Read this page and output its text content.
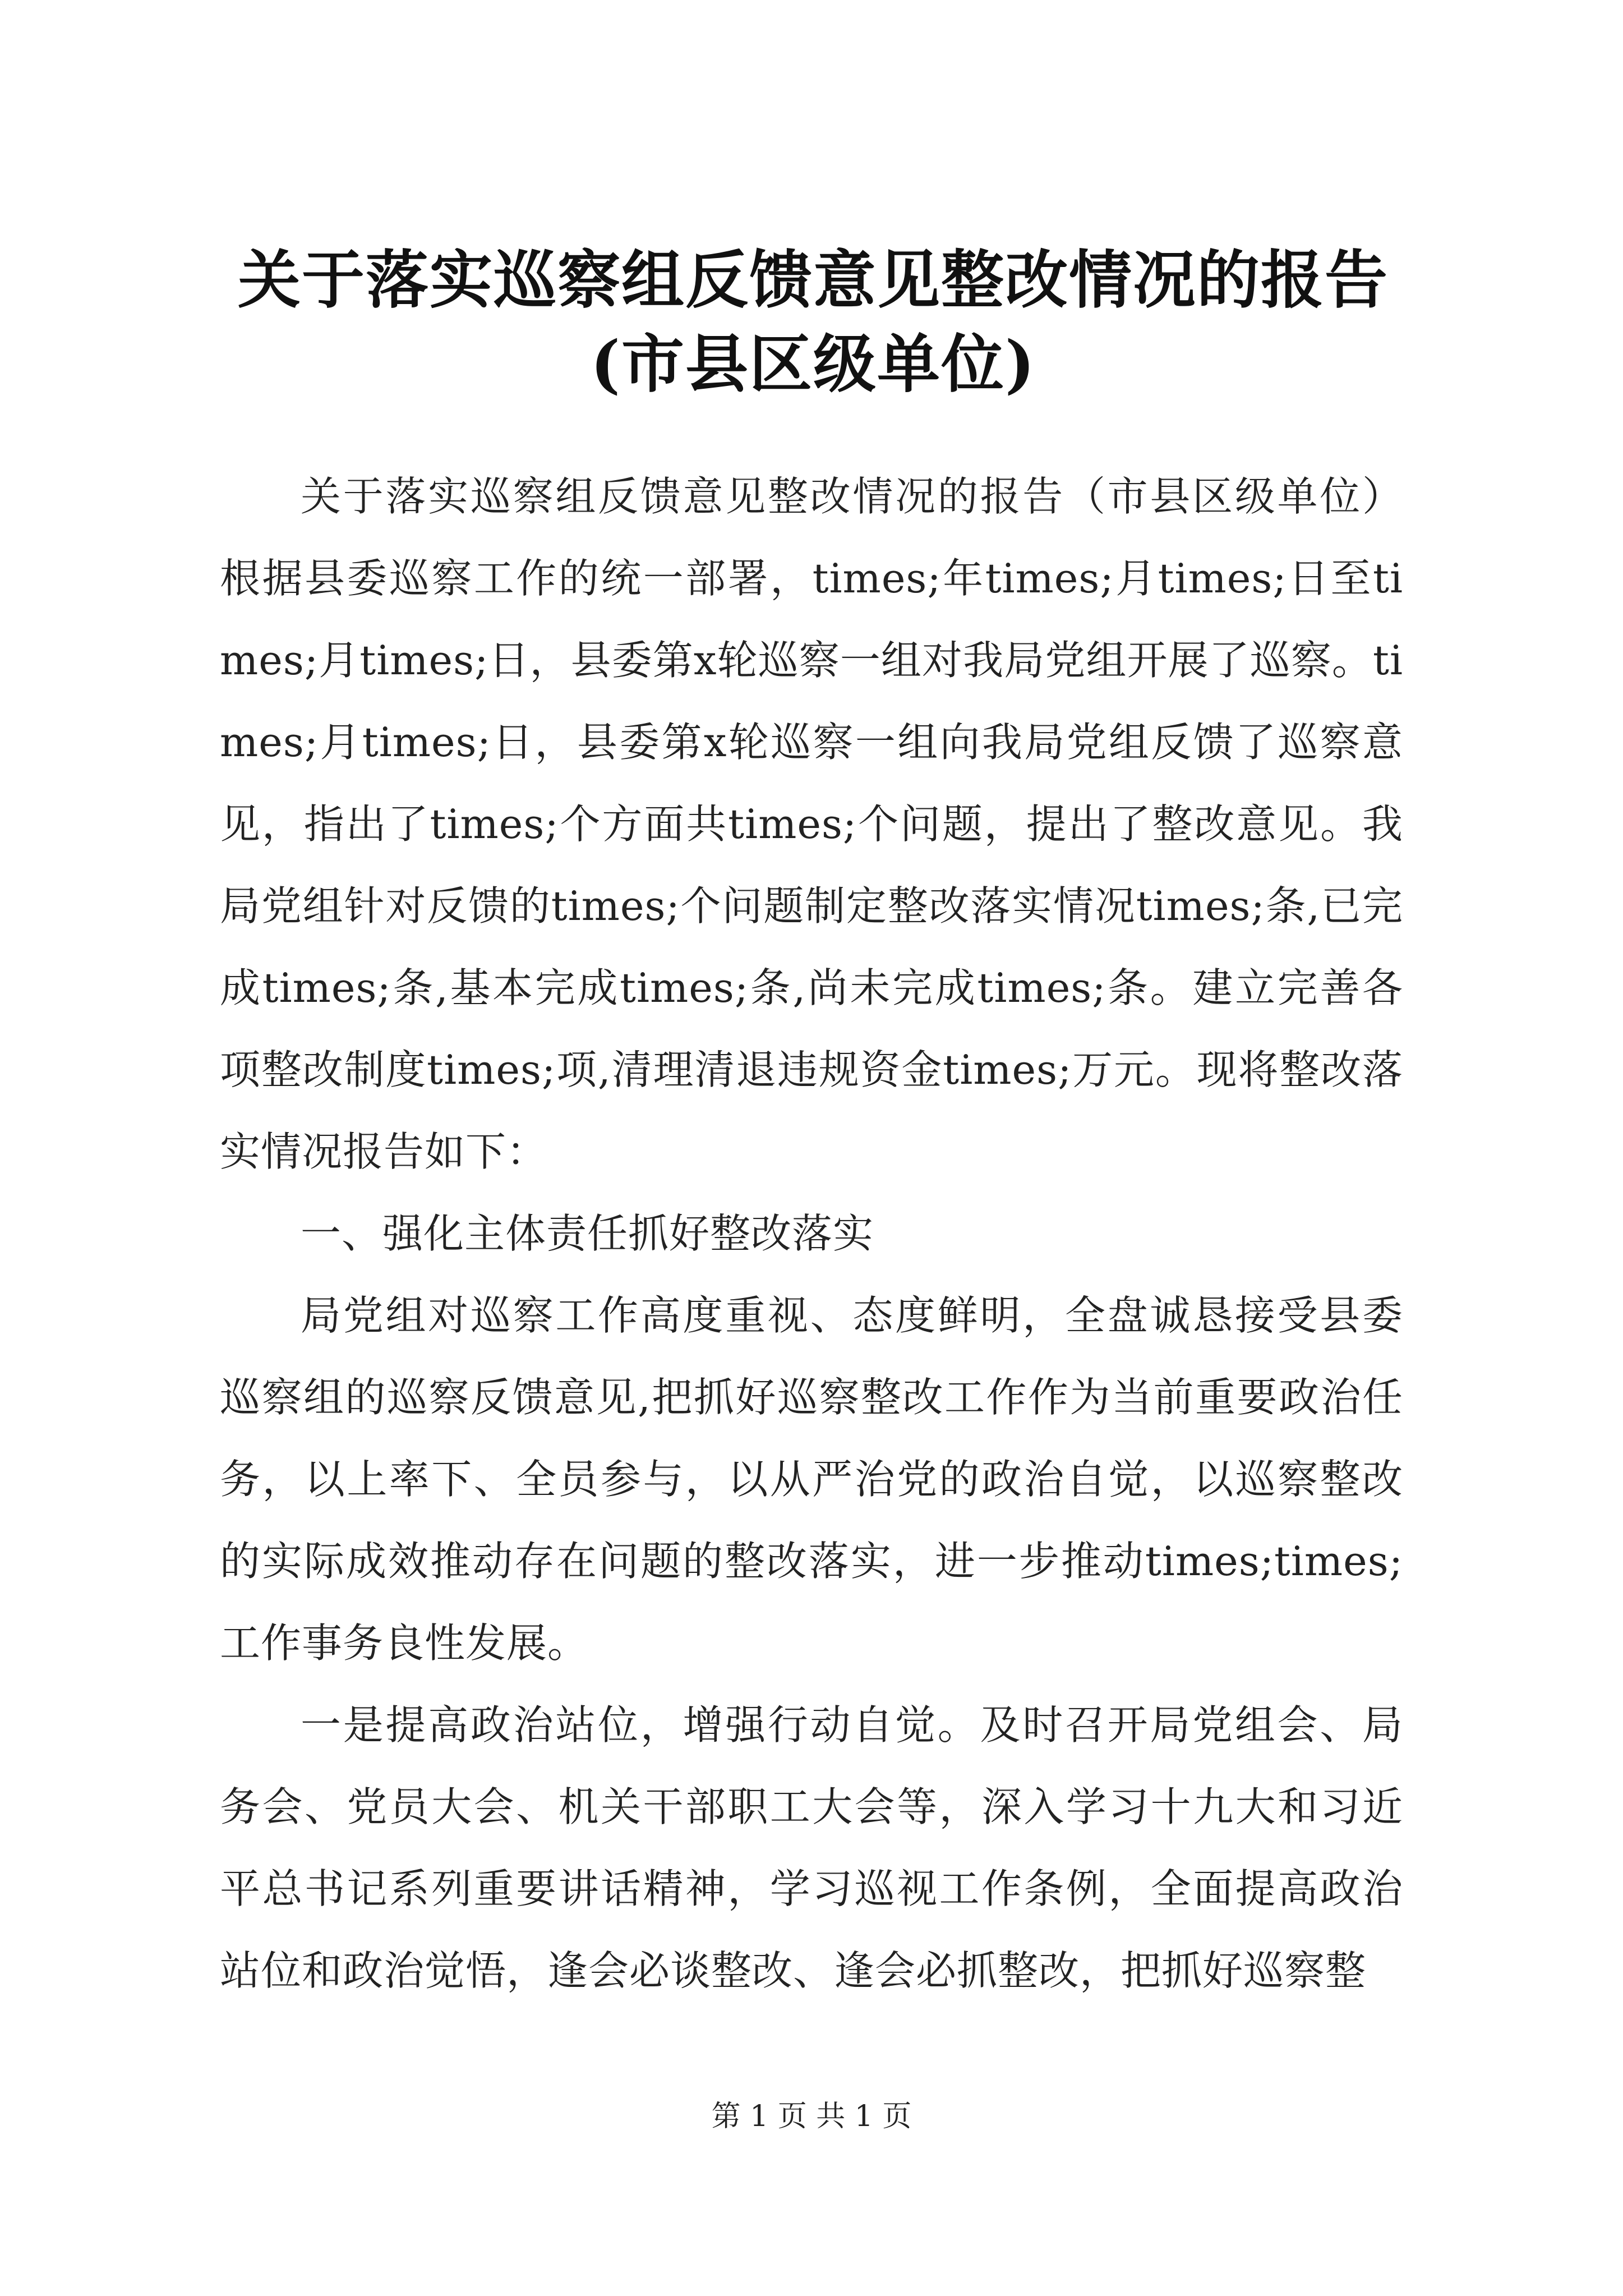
关于落实巡察组反馈意见整改情况的报告(市县区级单位)

关于落实巡察组反馈意见整改情况的报告（市县区级单位）根据县委巡察工作的统一部署，times;年times;月times;日至times;月times;日，县委第x轮巡察一组对我局党组开展了巡察。times;月times;日，县委第x轮巡察一组向我局党组反馈了巡察意见，指出了times;个方面共times;个问题，提出了整改意见。我局党组针对反馈的times;个问题制定整改落实情况times;条,已完成times;条,基本完成times;条,尚未完成times;条。建立完善各项整改制度times;项,清理清退违规资金times;万元。现将整改落实情况报告如下：

一、强化主体责任抓好整改落实

局党组对巡察工作高度重视、态度鲜明，全盘诚恳接受县委巡察组的巡察反馈意见,把抓好巡察整改工作作为当前重要政治任务，以上率下、全员参与，以从严治党的政治自觉，以巡察整改的实际成效推动存在问题的整改落实，进一步推动times;times;工作事务良性发展。

一是提高政治站位，增强行动自觉。及时召开局党组会、局务会、党员大会、机关干部职工大会等，深入学习十九大和习近平总书记系列重要讲话精神，学习巡视工作条例，全面提高政治站位和政治觉悟，逢会必谈整改、逢会必抓整改，把抓好巡察整

第 1 页 共 1 页
